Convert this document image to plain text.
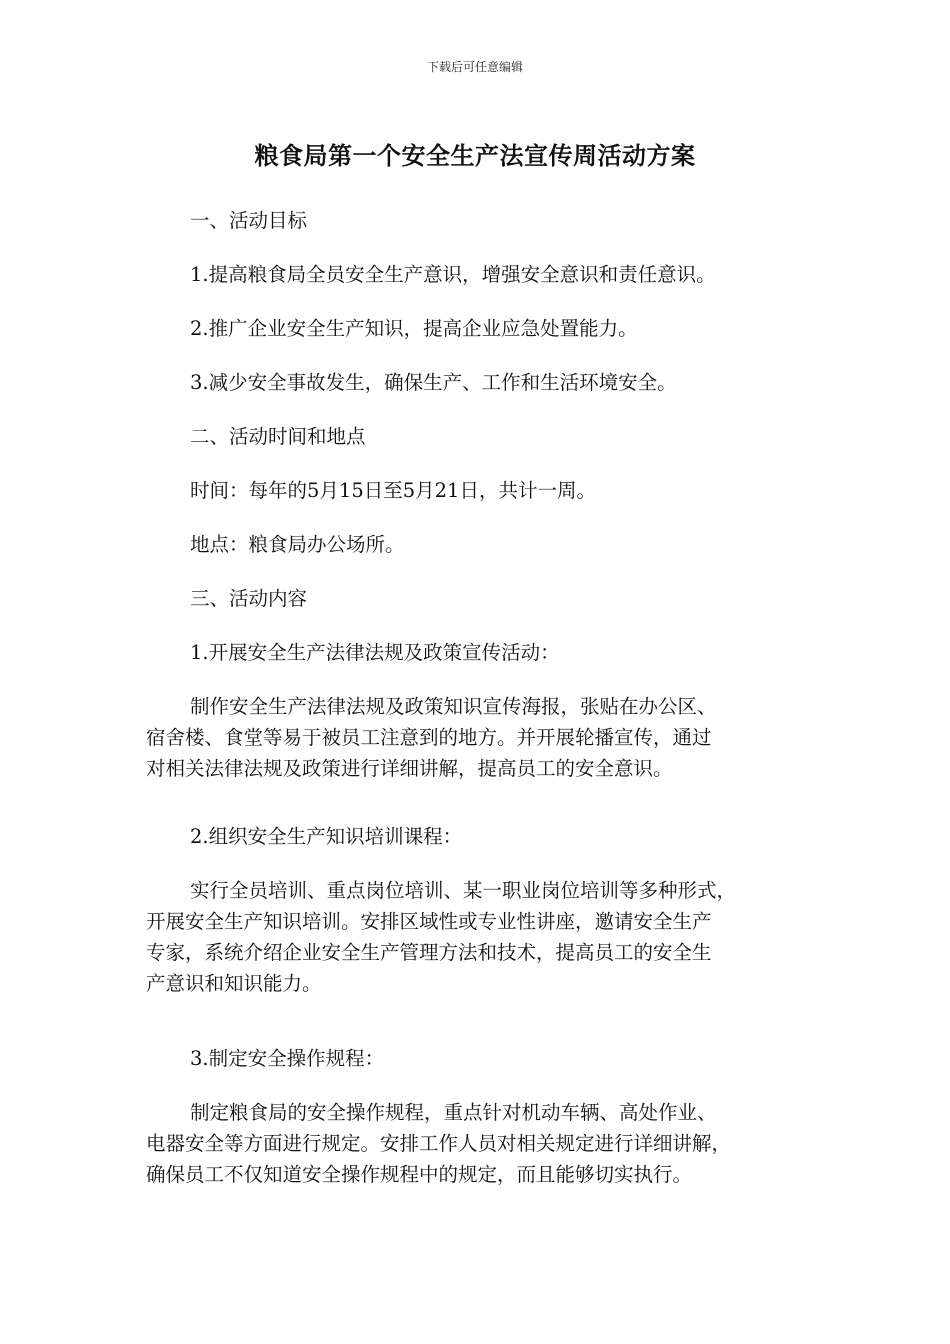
下载后可任意编辑
粮食局第一个安全生产法宣传周活动方案
一、活动目标
1.提高粮食局全员安全生产意识，增强安全意识和责任意识。
2.推广企业安全生产知识，提高企业应急处置能力。
3.减少安全事故发生，确保生产、工作和生活环境安全。
二、活动时间和地点
时间：每年的5月15日至5月21日，共计一周。
地点：粮食局办公场所。
三、活动内容
1.开展安全生产法律法规及政策宣传活动：
制作安全生产法律法规及政策知识宣传海报，张贴在办公区、
宿舍楼、食堂等易于被员工注意到的地方。并开展轮播宣传，通过
对相关法律法规及政策进行详细讲解，提高员工的安全意识。
2.组织安全生产知识培训课程：
实行全员培训、重点岗位培训、某一职业岗位培训等多种形式，
开展安全生产知识培训。安排区域性或专业性讲座，邀请安全生产
专家，系统介绍企业安全生产管理方法和技术，提高员工的安全生
产意识和知识能力。
3.制定安全操作规程：
制定粮食局的安全操作规程，重点针对机动车辆、高处作业、
电器安全等方面进行规定。安排工作人员对相关规定进行详细讲解，
确保员工不仅知道安全操作规程中的规定，而且能够切实执行。
